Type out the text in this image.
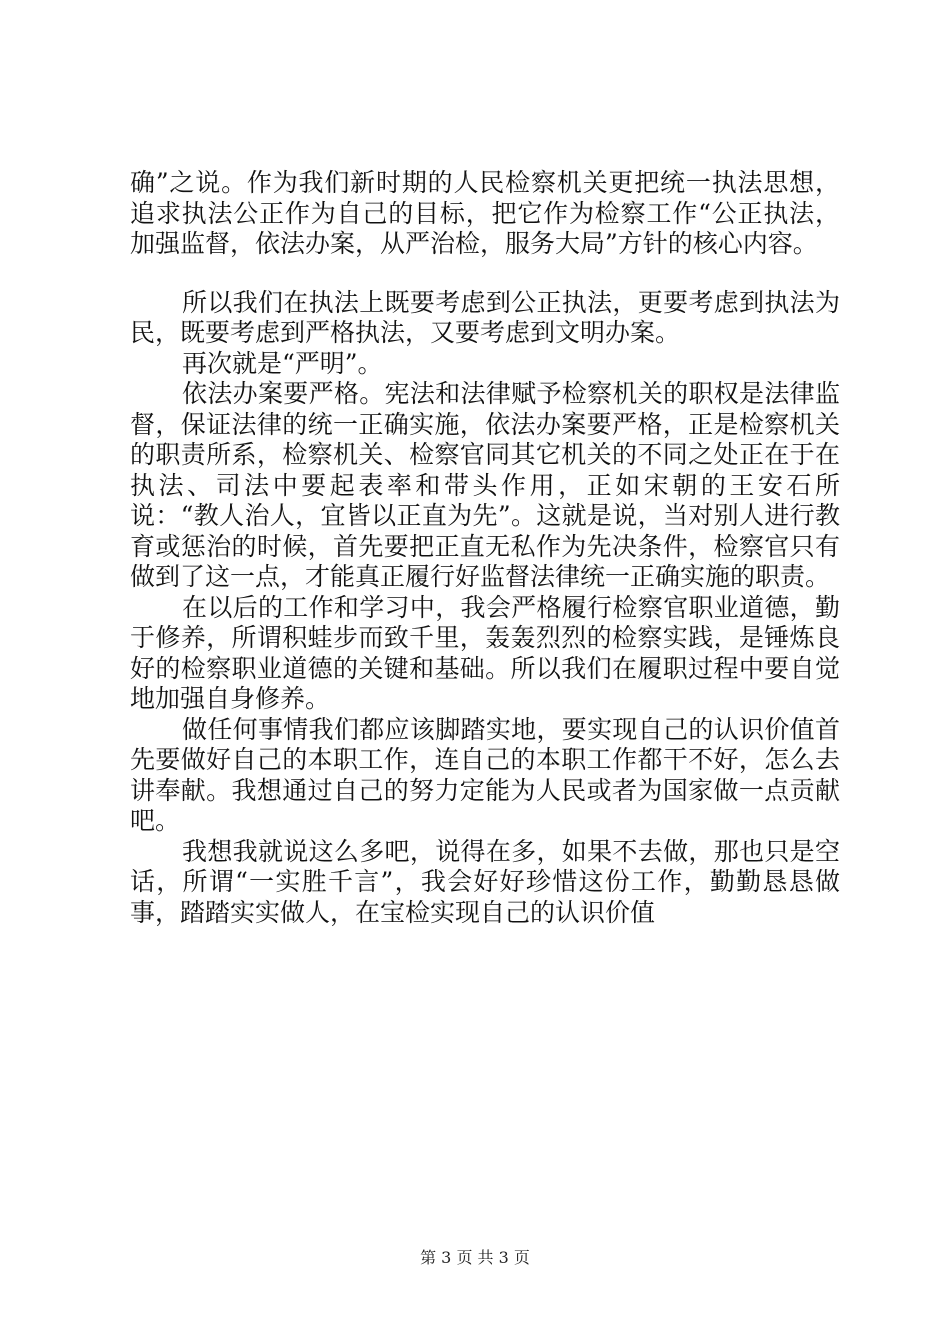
确”之说。作为我们新时期的人民检察机关更把统一执法思想，追求执法公正作为自己的目标，把它作为检察工作“公正执法，加强监督，依法办案，从严治检，服务大局”方针的核心内容。

所以我们在执法上既要考虑到公正执法，更要考虑到执法为民，既要考虑到严格执法，又要考虑到文明办案。

再次就是“严明”。

依法办案要严格。宪法和法律赋予检察机关的职权是法律监督，保证法律的统一正确实施，依法办案要严格，正是检察机关的职责所系，检察机关、检察官同其它机关的不同之处正在于在执法、司法中要起表率和带头作用，正如宋朝的王安石所说：“教人治人，宜皆以正直为先”。这就是说，当对别人进行教育或惩治的时候，首先要把正直无私作为先决条件，检察官只有做到了这一点，才能真正履行好监督法律统一正确实施的职责。

在以后的工作和学习中，我会严格履行检察官职业道德，勤于修养，所谓积蛙步而致千里，轰轰烈烈的检察实践，是锤炼良好的检察职业道德的关键和基础。所以我们在履职过程中要自觉地加强自身修养。

做任何事情我们都应该脚踏实地，要实现自己的认识价值首先要做好自己的本职工作，连自己的本职工作都干不好，怎么去讲奉献。我想通过自己的努力定能为人民或者为国家做一点贡献吧。

我想我就说这么多吧，说得在多，如果不去做，那也只是空话，所谓“一实胜千言”，我会好好珍惜这份工作，勤勤恳恳做事，踏踏实实做人，在宝检实现自己的认识价值

第 3 页 共 3 页
